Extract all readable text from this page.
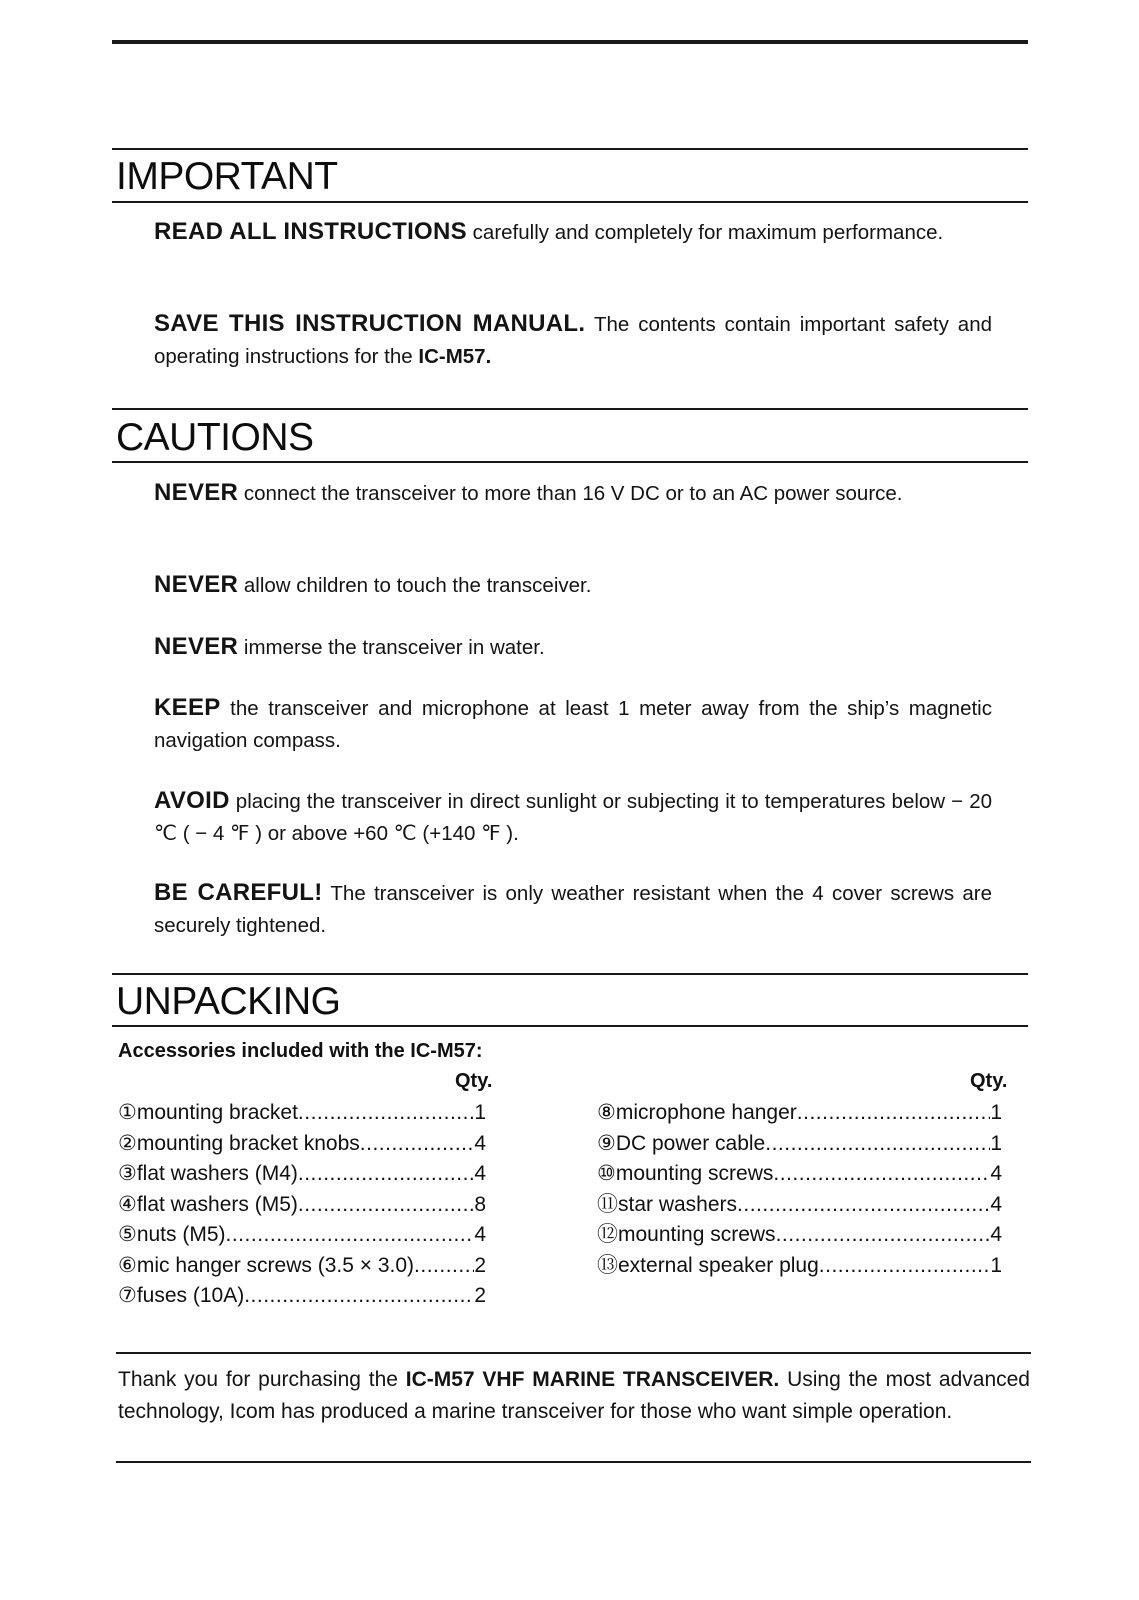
IMPORTANT

READ ALL INSTRUCTIONS carefully and completely for maximum performance.

SAVE THIS INSTRUCTION MANUAL. The contents contain important safety and operating instructions for the IC-M57.

CAUTIONS

NEVER connect the transceiver to more than 16 V DC or to an AC power source.

NEVER allow children to touch the transceiver.

NEVER immerse the transceiver in water.

KEEP the transceiver and microphone at least 1 meter away from the ship’s magnetic navigation compass.

AVOID placing the transceiver in direct sunlight or subjecting it to temperatures below − 20 ℃ ( − 4 ℉ ) or above +60 ℃ (+140 ℉ ).

BE CAREFUL! The transceiver is only weather resistant when the 4 cover screws are securely tightened.

UNPACKING
Accessories included with the IC-M57:
Qty.	Qty.
① mounting bracket .....	1
② mounting bracket knobs .....	4
③ flat washers (M4) .....	4
④ flat washers (M5) .....	8
⑤ nuts (M5) .....	4
⑥ mic hanger screws (3.5 × 3.0) .....	2
⑦ fuses (10A) .....	2
⑧ microphone hanger .....	1
⑨ DC power cable .....	1
⑩ mounting screws .....	4
⑪ star washers .....	4
⑫ mounting screws .....	4
⑬ external speaker plug .....	1

Thank you for purchasing the IC-M57 VHF MARINE TRANSCEIVER. Using the most advanced technology, Icom has produced a marine transceiver for those who want simple operation.
